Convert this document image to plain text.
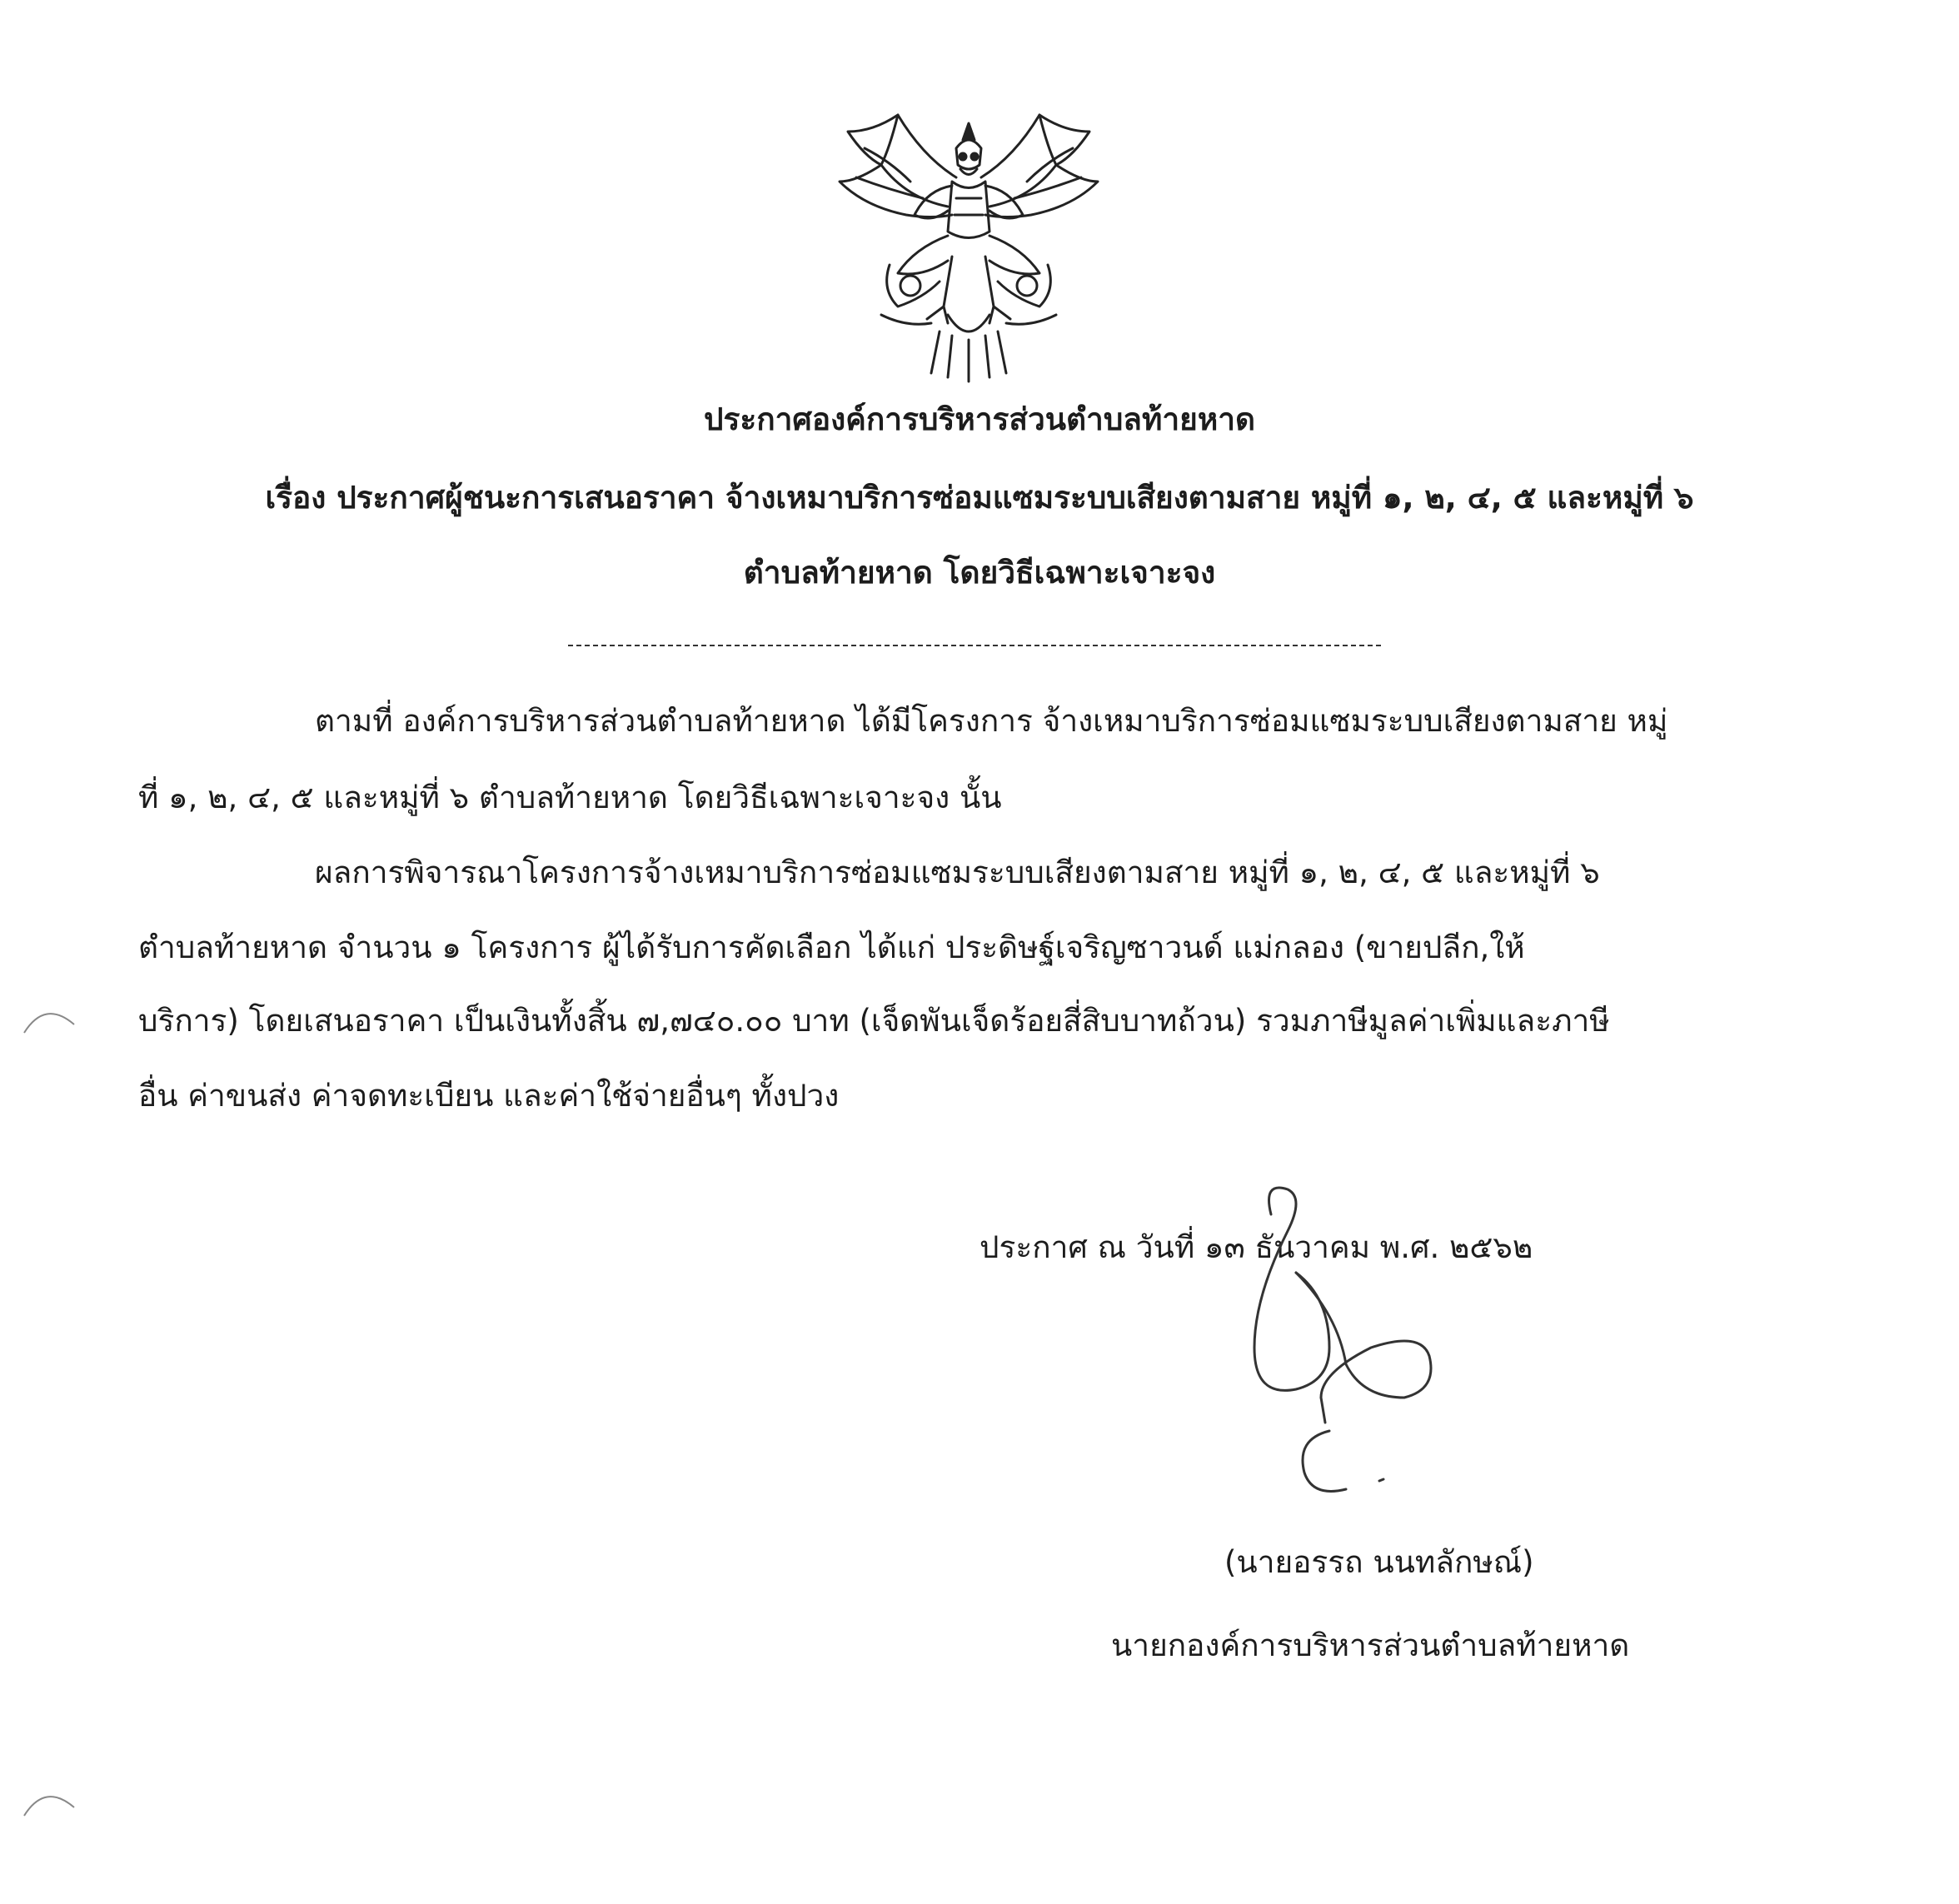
ประกาศองค์การบริหารส่วนตำบลท้ายหาด
เรื่อง ประกาศผู้ชนะการเสนอราคา จ้างเหมาบริการซ่อมแซมระบบเสียงตามสาย หมู่ที่ ๑, ๒, ๔, ๕ และหมู่ที่ ๖
ตำบลท้ายหาด โดยวิธีเฉพาะเจาะจง
ตามที่ องค์การบริหารส่วนตำบลท้ายหาด ได้มีโครงการ จ้างเหมาบริการซ่อมแซมระบบเสียงตามสาย หมู่
ที่ ๑, ๒, ๔, ๕ และหมู่ที่ ๖ ตำบลท้ายหาด โดยวิธีเฉพาะเจาะจง นั้น
ผลการพิจารณาโครงการจ้างเหมาบริการซ่อมแซมระบบเสียงตามสาย หมู่ที่ ๑, ๒, ๔, ๕ และหมู่ที่ ๖
ตำบลท้ายหาด จำนวน ๑ โครงการ ผู้ได้รับการคัดเลือก ได้แก่ ประดิษฐ์เจริญซาวนด์ แม่กลอง (ขายปลีก,ให้
บริการ) โดยเสนอราคา เป็นเงินทั้งสิ้น ๗,๗๔๐.๐๐ บาท (เจ็ดพันเจ็ดร้อยสี่สิบบาทถ้วน) รวมภาษีมูลค่าเพิ่มและภาษี
อื่น ค่าขนส่ง ค่าจดทะเบียน และค่าใช้จ่ายอื่นๆ ทั้งปวง
ประกาศ ณ วันที่ ๑๓ ธันวาคม พ.ศ. ๒๕๖๒
(นายอรรถ นนทลักษณ์)
นายกองค์การบริหารส่วนตำบลท้ายหาด
